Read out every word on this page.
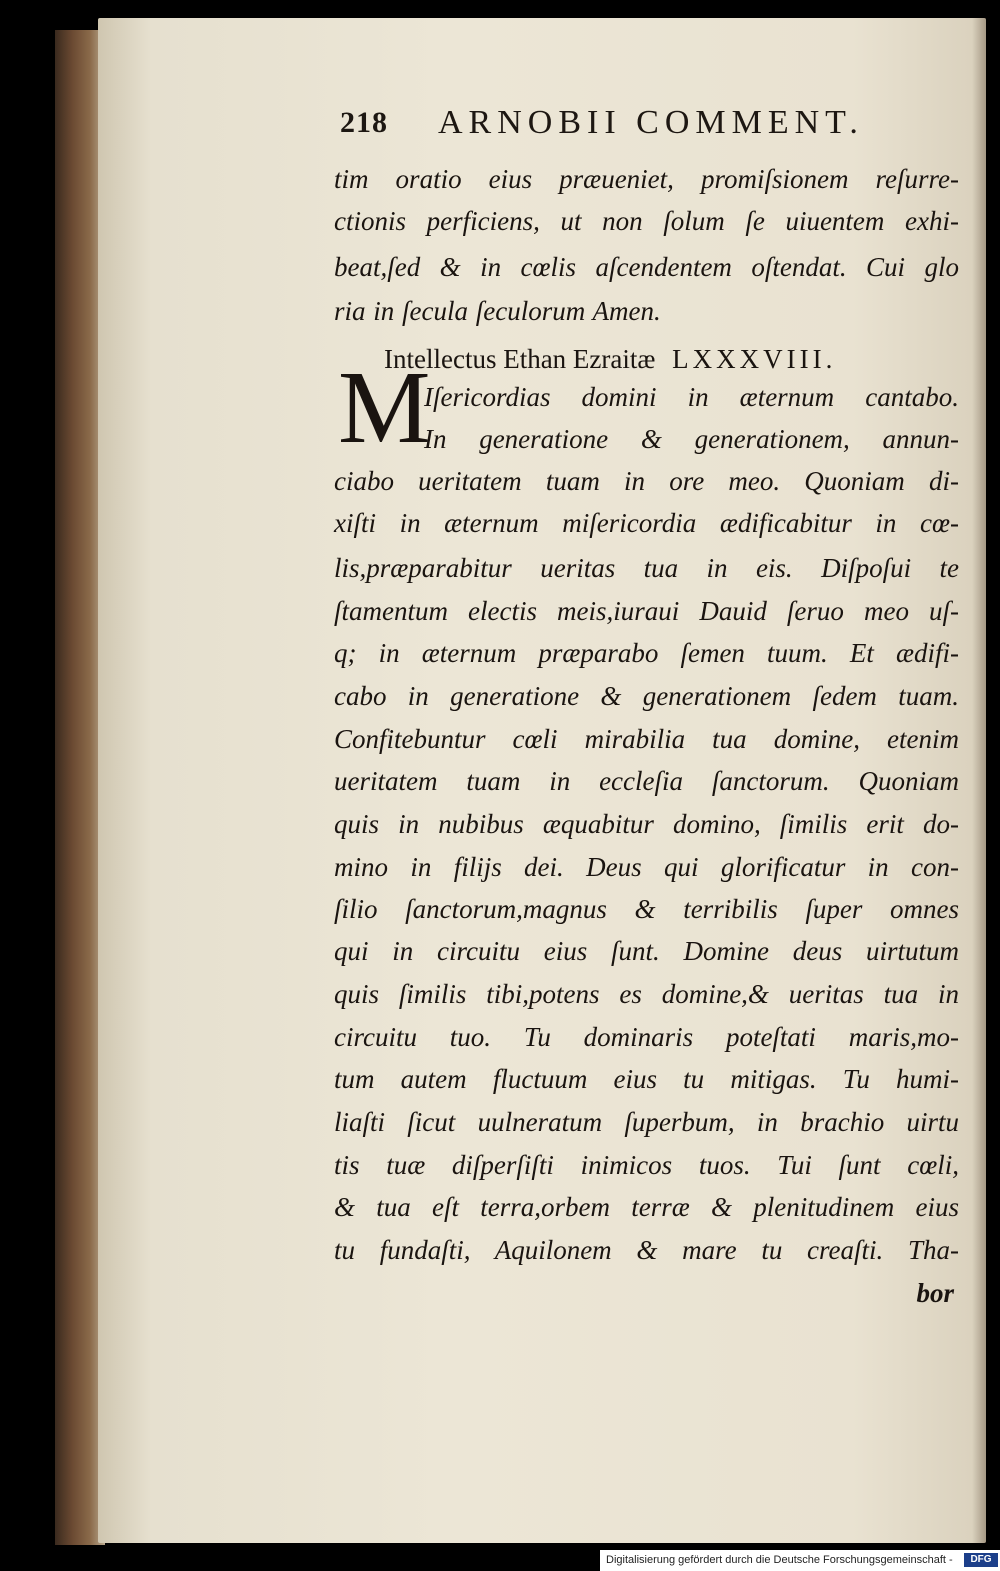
218 ARNOBII COMMENT.
tim oratio eius præueniet, promiſsionem reſurre-
ctionis perficiens, ut non ſolum ſe uiuentem exhi-
beat,ſed & in cœlis aſcendentem oſtendat. Cui glo
ria in ſecula ſeculorum Amen.
Intellectus Ethan Ezraitæ LXXXVIII.
M
Iſericordias domini in æternum cantabo.
In generatione & generationem, annun-
ciabo ueritatem tuam in ore meo. Quoniam di-
xiſti in æternum miſericordia ædificabitur in cœ-
lis,præparabitur ueritas tua in eis. Diſpoſui te
ſtamentum electis meis,iuraui Dauid ſeruo meo uſ-
q; in æternum præparabo ſemen tuum. Et ædifi-
cabo in generatione & generationem ſedem tuam.
Confitebuntur cœli mirabilia tua domine, etenim
ueritatem tuam in eccleſia ſanctorum. Quoniam
quis in nubibus æquabitur domino, ſimilis erit do-
mino in filijs dei. Deus qui glorificatur in con-
ſilio ſanctorum,magnus & terribilis ſuper omnes
qui in circuitu eius ſunt. Domine deus uirtutum
quis ſimilis tibi,potens es domine,& ueritas tua in
circuitu tuo. Tu dominaris poteſtati maris,mo-
tum autem fluctuum eius tu mitigas. Tu humi-
liaſti ſicut uulneratum ſuperbum, in brachio uirtu
tis tuæ diſperſiſti inimicos tuos. Tui ſunt cœli,
& tua eſt terra,orbem terræ & plenitudinem eius
tu fundaſti, Aquilonem & mare tu creaſti. Tha-
bor
Digitalisierung gefördert durch die Deutsche Forschungsgemeinschaft -	DFG
